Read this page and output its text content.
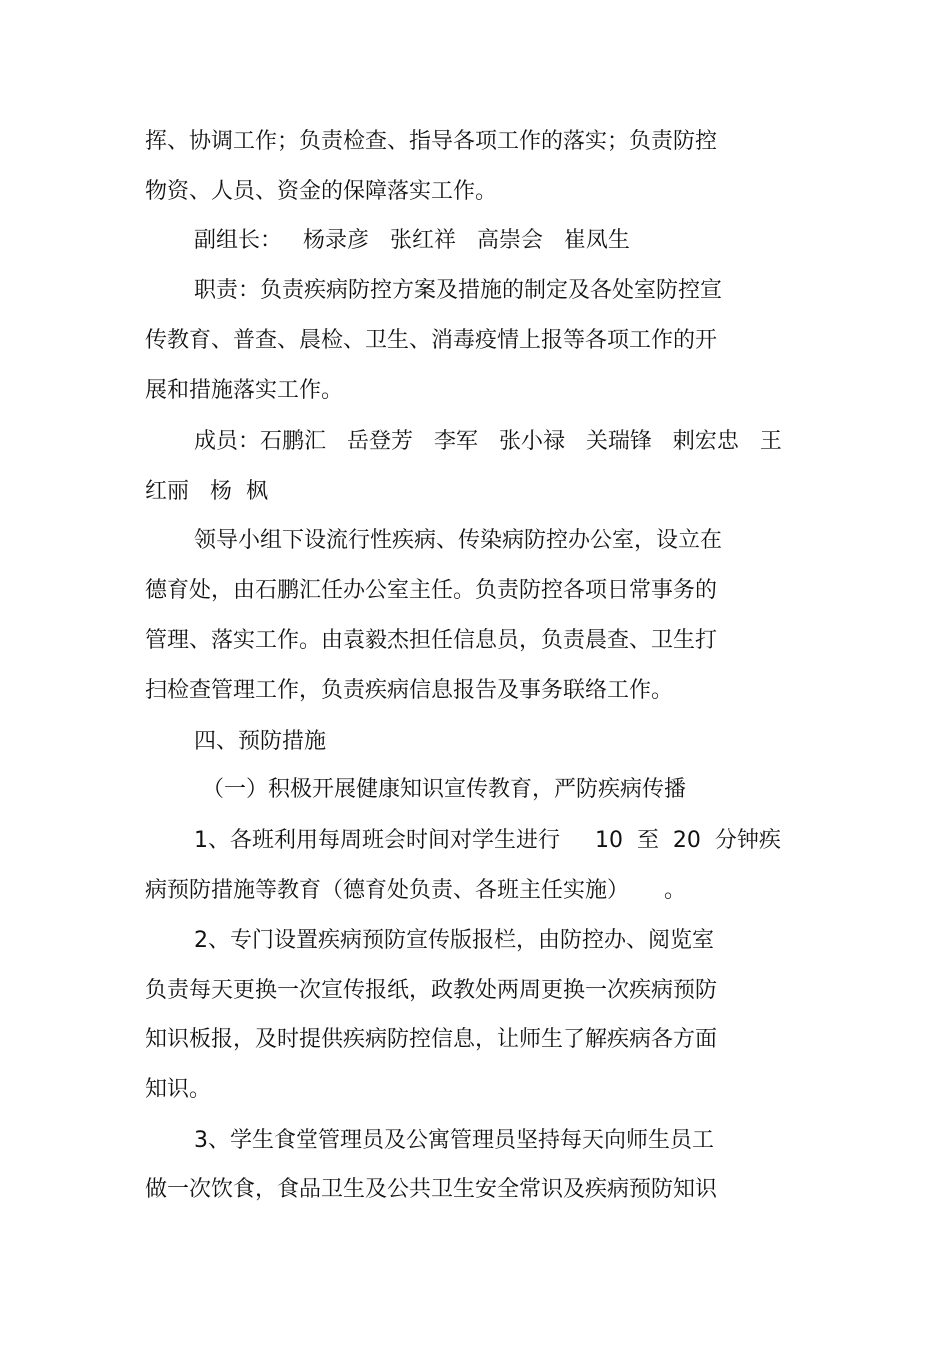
挥、协调工作；负责检查、指导各项工作的落实；负责防控
物资、人员、资金的保障落实工作。
副组长：   杨录彦   张红祥   高崇会   崔凤生
职责：负责疾病防控方案及措施的制定及各处室防控宣
传教育、普查、晨检、卫生、消毒疫情上报等各项工作的开
展和措施落实工作。
成员：石鹏汇   岳登芳   李军   张小禄   关瑞锋   剌宏忠   王
红丽   杨  枫
领导小组下设流行性疾病、传染病防控办公室，设立在
德育处，由石鹏汇任办公室主任。负责防控各项日常事务的
管理、落实工作。由袁毅杰担任信息员，负责晨查、卫生打
扫检查管理工作，负责疾病信息报告及事务联络工作。
四、预防措施
（一）积极开展健康知识宣传教育，严防疾病传播
1、各班利用每周班会时间对学生进行     10  至  20  分钟疾
病预防措施等教育（德育处负责、各班主任实施）     。
2、专门设置疾病预防宣传版报栏，由防控办、阅览室
负责每天更换一次宣传报纸，政教处两周更换一次疾病预防
知识板报，及时提供疾病防控信息，让师生了解疾病各方面
知识。
3、学生食堂管理员及公寓管理员坚持每天向师生员工
做一次饮食，食品卫生及公共卫生安全常识及疾病预防知识
